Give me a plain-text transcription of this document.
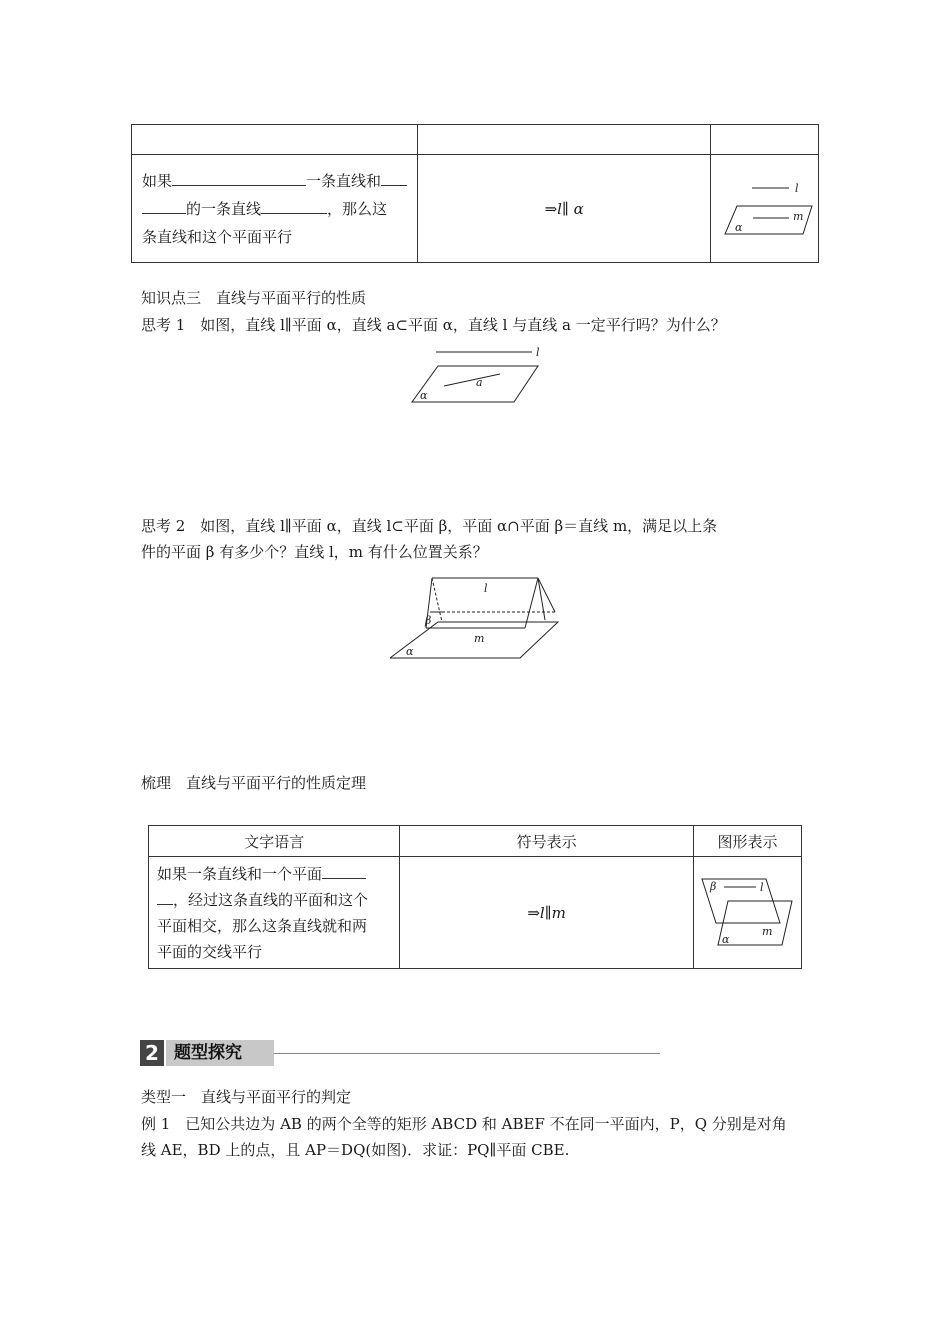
如果 一条直线和
的一条直线 ，那么这
条直线和这个平面平行	⇒l∥ α	l
m
α
知识点三　直线与平面平行的性质
思考 1　如图，直线 l∥平面 α，直线 a⊂平面 α，直线 l 与直线 a 一定平行吗？为什么？
l
a
α
思考 2　如图，直线 l∥平面 α，直线 l⊂平面 β，平面 α∩平面 β＝直线 m，满足以上条
件的平面 β 有多少个？直线 l，m 有什么位置关系？
l
β
m
α
梳理　直线与平面平行的性质定理
文字语言	符号表示	图形表示

如果一条直线和一个平面
，经过这条直线的平面和这个
平面相交，那么这条直线就和两
平面的交线平行	⇒l∥m	β l
m
α
2 题型探究
类型一　直线与平面平行的判定
例 1　已知公共边为 AB 的两个全等的矩形 ABCD 和 ABEF 不在同一平面内，P，Q 分别是对角
线 AE，BD 上的点，且 AP＝DQ(如图)．求证：PQ∥平面 CBE.
